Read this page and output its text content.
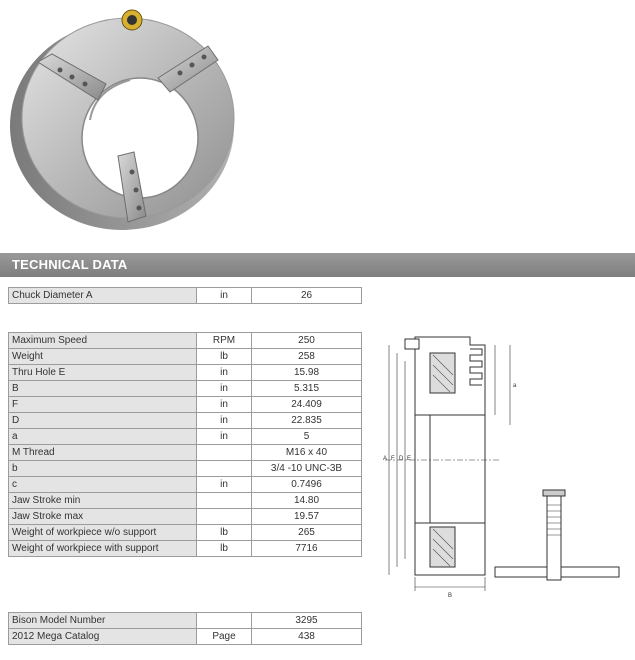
TECHNICAL DATA
Chuck Diameter A	in	26
Maximum Speed	RPM	250
Weight	lb	258
Thru Hole E	in	15.98
B	in	5.315
F	in	24.409
D	in	22.835
a	in	5
M Thread		M16 x 40
b		3/4 -10 UNC-3B
c	in	0.7496
Jaw Stroke min		14.80
Jaw Stroke max		19.57
Weight of workpiece w/o support	lb	265
Weight of workpiece with support	lb	7716
Bison Model Number		3295
2012 Mega Catalog	Page	438
A F D E
B
a
